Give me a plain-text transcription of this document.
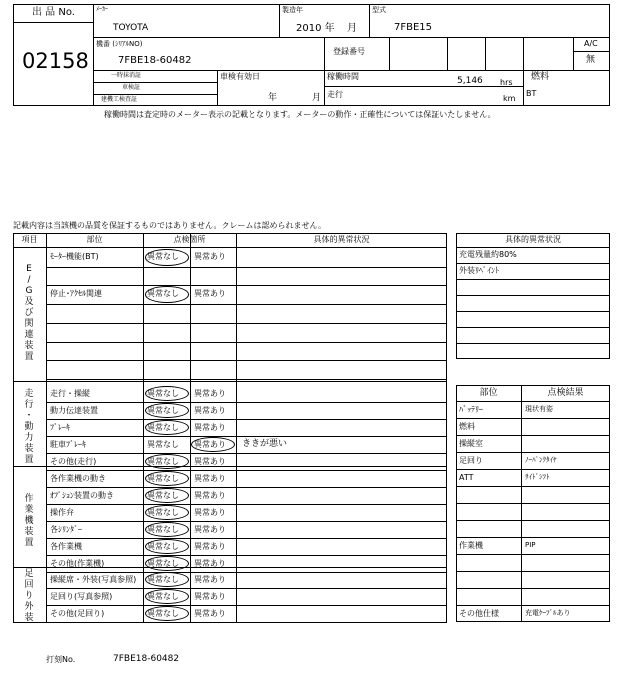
出 品 No.
02158
ﾒｰｶｰ
TOYOTA
製造年
2010 年 月
型式
7FBE15
機番 (ｼﾘｱﾙNO)
7FBE18-60482
登録番号
A/C
無
一時抹消証
車検証
建機工検査証
車検有効日
年	月
稼働時間	5,146 hrs
走行	km
燃料
BT
稼働時間は査定時のメーター表示の記載となります。メーターの動作・正確性については保証いたしません。
記載内容は当該機の品質を保証するものではありません。クレームは認められません。
項目	部位	点検箇所	具体的異常状況
E
/
G
及
び
関
連
装
置
ﾓｰﾀｰ機能(BT)	異常なし 異常あり
停止･ｱｸｾﾙ関連	異常なし 異常あり
走
行
・
動
力
装
置
走行・操縦	異常なし 異常あり
動力伝達装置	異常なし 異常あり
ﾌﾞﾚｰｷ	異常なし 異常あり
駐車ﾌﾞﾚｰｷ	異常なし 異常あり ききが悪い
その他(走行)	異常なし 異常あり
作
業
機
装
置
各作業機の動き	異常なし 異常あり
ｵﾌﾟｼｮﾝ装置の動き	異常なし 異常あり
操作弁	異常なし 異常あり
各ｼﾘﾝﾀﾞｰ	異常なし 異常あり
各作業機	異常なし 異常あり
その他(作業機)	異常なし 異常あり
足
回
り
外
装
操縦席・外装(写真参照) 異常なし 異常あり
足回り(写真参照)	異常なし 異常あり
その他(足回り)	異常なし 異常あり
具体的異常状況
充電残量約80%
外装ﾘﾍﾟｲﾝﾄ
部位	点検結果
ﾊﾞｯﾃﾘｰ	現状有姿
燃料
操縦室
足回り	ﾉｰﾊﾟﾝｸﾀｲﾔ
ATT	ｻｲﾄﾞｼﾌﾄ
作業機	PIP
その他仕様	充電ｹｰﾌﾞﾙあり
打刻No.	7FBE18-60482
